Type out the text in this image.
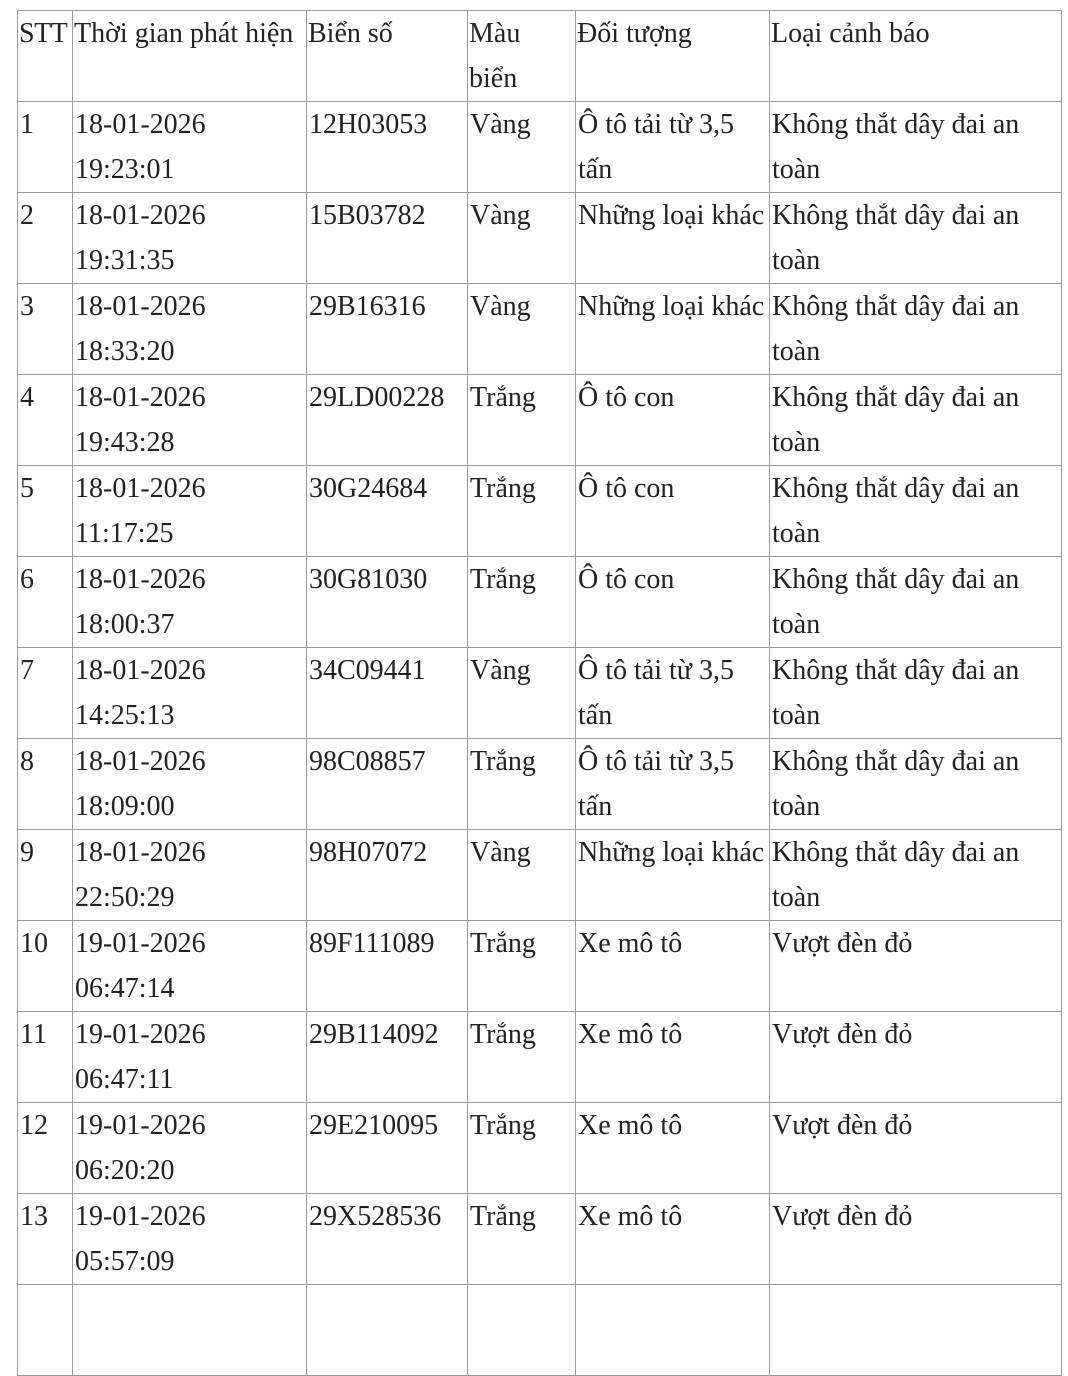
STT	Thời gian phát hiện	Biển số	Màu biển	Đối tượng	Loại cảnh báo
1	18-01-2026 19:23:01	12H03053	Vàng	Ô tô tải từ 3,5 tấn	Không thắt dây đai an toàn
2	18-01-2026 19:31:35	15B03782	Vàng	Những loại khác	Không thắt dây đai an toàn
3	18-01-2026 18:33:20	29B16316	Vàng	Những loại khác	Không thắt dây đai an toàn
4	18-01-2026 19:43:28	29LD00228	Trắng	Ô tô con	Không thắt dây đai an toàn
5	18-01-2026 11:17:25	30G24684	Trắng	Ô tô con	Không thắt dây đai an toàn
6	18-01-2026 18:00:37	30G81030	Trắng	Ô tô con	Không thắt dây đai an toàn
7	18-01-2026 14:25:13	34C09441	Vàng	Ô tô tải từ 3,5 tấn	Không thắt dây đai an toàn
8	18-01-2026 18:09:00	98C08857	Trắng	Ô tô tải từ 3,5 tấn	Không thắt dây đai an toàn
9	18-01-2026 22:50:29	98H07072	Vàng	Những loại khác	Không thắt dây đai an toàn
10	19-01-2026 06:47:14	89F111089	Trắng	Xe mô tô	Vượt đèn đỏ
11	19-01-2026 06:47:11	29B114092	Trắng	Xe mô tô	Vượt đèn đỏ
12	19-01-2026 06:20:20	29E210095	Trắng	Xe mô tô	Vượt đèn đỏ
13	19-01-2026 05:57:09	29X528536	Trắng	Xe mô tô	Vượt đèn đỏ
